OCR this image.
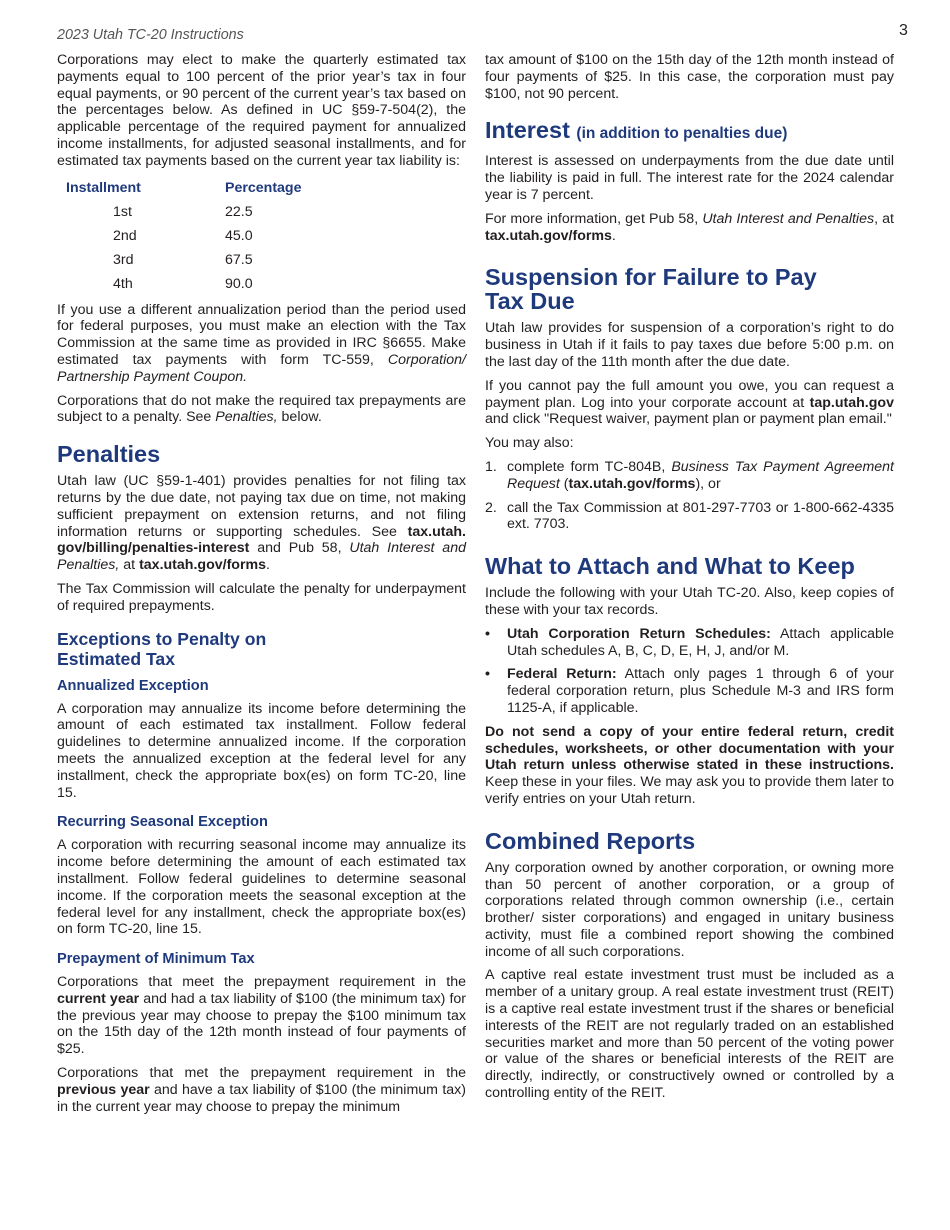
2023 Utah TC-20 Instructions	3

Corporations may elect to make the quarterly estimated tax payments equal to 100 percent of the prior year’s tax in four equal payments, or 90 percent of the current year’s tax based on the percentages below. As defined in UC §59-7-504(2), the applicable percentage of the required payment for annualized income installments, for adjusted seasonal installments, and for estimated tax payments based on the current year tax liability is:

Installment	Percentage
1st	22.5
2nd	45.0
3rd	67.5
4th	90.0

If you use a different annualization period than the period used for federal purposes, you must make an election with the Tax Commission at the same time as provided in IRC §6655. Make estimated tax payments with form TC-559, Corporation/ Partnership Payment Coupon.

Corporations that do not make the required tax prepayments are subject to a penalty. See Penalties, below.

Penalties

Utah law (UC §59-1-401) provides penalties for not filing tax returns by the due date, not paying tax due on time, not making sufficient prepayment on extension returns, and not filing information returns or supporting schedules. See tax.utah. gov/billing/penalties-interest and Pub 58, Utah Interest and Penalties, at tax.utah.gov/forms.

The Tax Commission will calculate the penalty for underpayment of required prepayments.

Exceptions to Penalty on
Estimated Tax
Annualized Exception

A corporation may annualize its income before determining the amount of each estimated tax installment. Follow federal guidelines to determine annualized income. If the corporation meets the annualized exception at the federal level for any installment, check the appropriate box(es) on form TC-20, line 15.

Recurring Seasonal Exception

A corporation with recurring seasonal income may annualize its income before determining the amount of each estimated tax installment. Follow federal guidelines to determine seasonal income. If the corporation meets the seasonal exception at the federal level for any installment, check the appropriate box(es) on form TC-20, line 15.

Prepayment of Minimum Tax

Corporations that meet the prepayment requirement in the current year and had a tax liability of $100 (the minimum tax) for the previous year may choose to prepay the $100 minimum tax on the 15th day of the 12th month instead of four payments of $25.

Corporations that met the prepayment requirement in the previous year and have a tax liability of $100 (the minimum tax) in the current year may choose to prepay the minimum

tax amount of $100 on the 15th day of the 12th month instead of four payments of $25. In this case, the corporation must pay $100, not 90 percent.

Interest (in addition to penalties due)

Interest is assessed on underpayments from the due date until the liability is paid in full. The interest rate for the 2024 calendar year is 7 percent.

For more information, get Pub 58, Utah Interest and Penalties, at tax.utah.gov/forms.

Suspension for Failure to Pay
Tax Due

Utah law provides for suspension of a corporation’s right to do business in Utah if it fails to pay taxes due before 5:00 p.m. on the last day of the 11th month after the due date.

If you cannot pay the full amount you owe, you can request a payment plan. Log into your corporate account at tap.utah.gov and click "Request waiver, payment plan or payment plan email."

You may also:

1. complete form TC-804B, Business Tax Payment Agreement Request (tax.utah.gov/forms), or
2. call the Tax Commission at 801-297-7703 or 1-800-662-4335 ext. 7703.
What to Attach and What to Keep

Include the following with your Utah TC-20. Also, keep copies of these with your tax records.

• Utah Corporation Return Schedules: Attach applicable Utah schedules A, B, C, D, E, H, J, and/or M.
• Federal Return: Attach only pages 1 through 6 of your federal corporation return, plus Schedule M-3 and IRS form 1125-A, if applicable.

Do not send a copy of your entire federal return, credit schedules, worksheets, or other documentation with your Utah return unless otherwise stated in these instructions. Keep these in your files. We may ask you to provide them later to verify entries on your Utah return.

Combined Reports

Any corporation owned by another corporation, or owning more than 50 percent of another corporation, or a group of corporations related through common ownership (i.e., certain brother/ sister corporations) and engaged in unitary business activity, must file a combined report showing the combined income of all such corporations.

A captive real estate investment trust must be included as a member of a unitary group. A real estate investment trust (REIT) is a captive real estate investment trust if the shares or beneficial interests of the REIT are not regularly traded on an established securities market and more than 50 percent of the voting power or value of the shares or beneficial interests of the REIT are directly, indirectly, or constructively owned or controlled by a controlling entity of the REIT.
